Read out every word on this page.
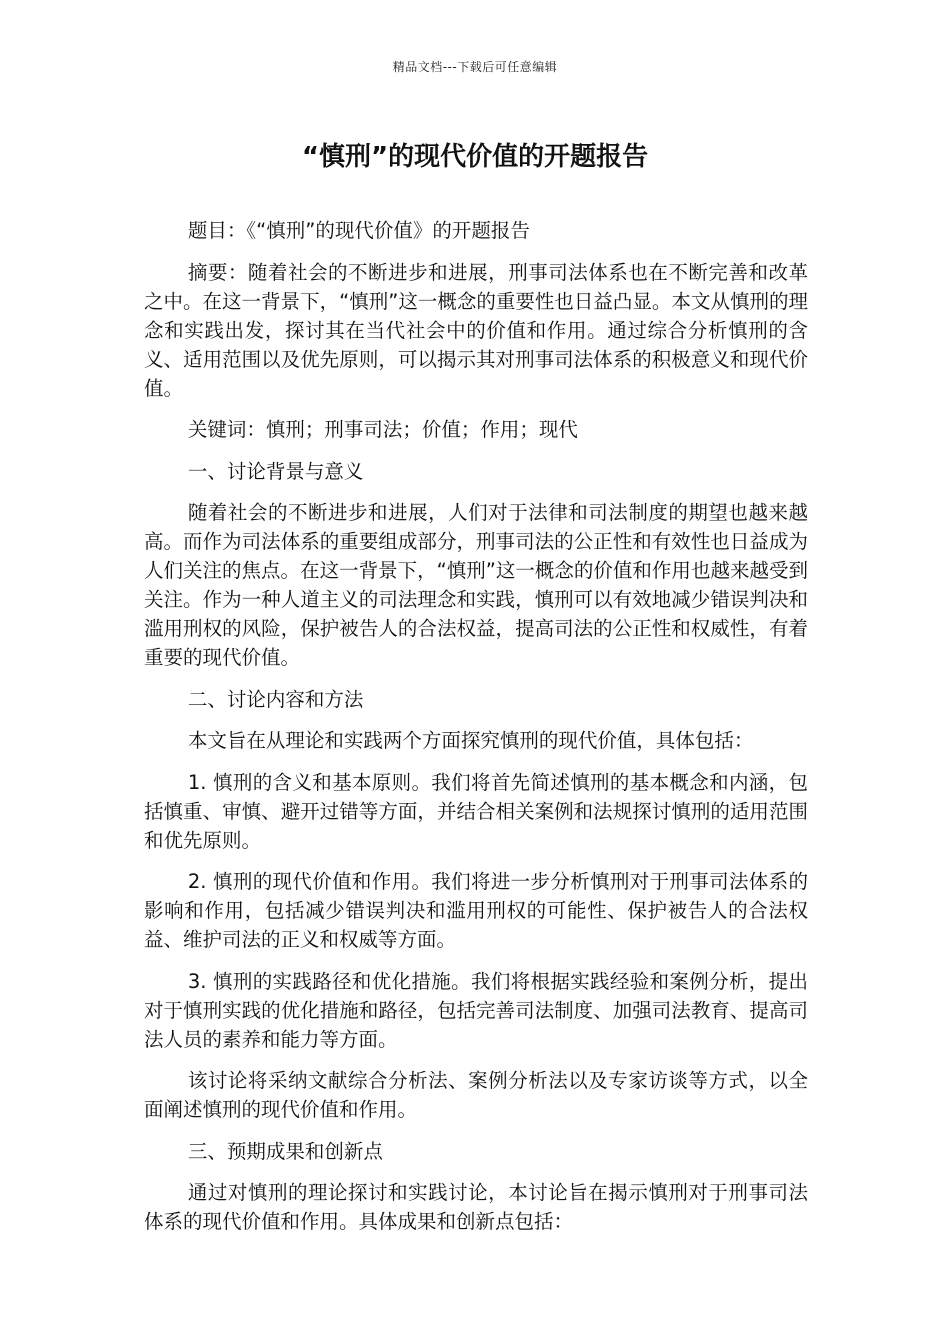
精品文档---下载后可任意编辑
“慎刑”的现代价值的开题报告

题目：《“慎刑”的现代价值》的开题报告

摘要：随着社会的不断进步和进展，刑事司法体系也在不断完善和改革之中。在这一背景下，“慎刑”这一概念的重要性也日益凸显。本文从慎刑的理念和实践出发，探讨其在当代社会中的价值和作用。通过综合分析慎刑的含义、适用范围以及优先原则，可以揭示其对刑事司法体系的积极意义和现代价值。

关键词：慎刑；刑事司法；价值；作用；现代

一、讨论背景与意义

随着社会的不断进步和进展，人们对于法律和司法制度的期望也越来越高。而作为司法体系的重要组成部分，刑事司法的公正性和有效性也日益成为人们关注的焦点。在这一背景下，“慎刑”这一概念的价值和作用也越来越受到关注。作为一种人道主义的司法理念和实践，慎刑可以有效地减少错误判决和滥用刑权的风险，保护被告人的合法权益，提高司法的公正性和权威性，有着重要的现代价值。

二、讨论内容和方法

本文旨在从理论和实践两个方面探究慎刑的现代价值，具体包括：

1. 慎刑的含义和基本原则。我们将首先简述慎刑的基本概念和内涵，包括慎重、审慎、避开过错等方面，并结合相关案例和法规探讨慎刑的适用范围和优先原则。

2. 慎刑的现代价值和作用。我们将进一步分析慎刑对于刑事司法体系的影响和作用，包括减少错误判决和滥用刑权的可能性、保护被告人的合法权益、维护司法的正义和权威等方面。

3. 慎刑的实践路径和优化措施。我们将根据实践经验和案例分析，提出对于慎刑实践的优化措施和路径，包括完善司法制度、加强司法教育、提高司法人员的素养和能力等方面。

该讨论将采纳文献综合分析法、案例分析法以及专家访谈等方式，以全面阐述慎刑的现代价值和作用。

三、预期成果和创新点

通过对慎刑的理论探讨和实践讨论，本讨论旨在揭示慎刑对于刑事司法体系的现代价值和作用。具体成果和创新点包括：
